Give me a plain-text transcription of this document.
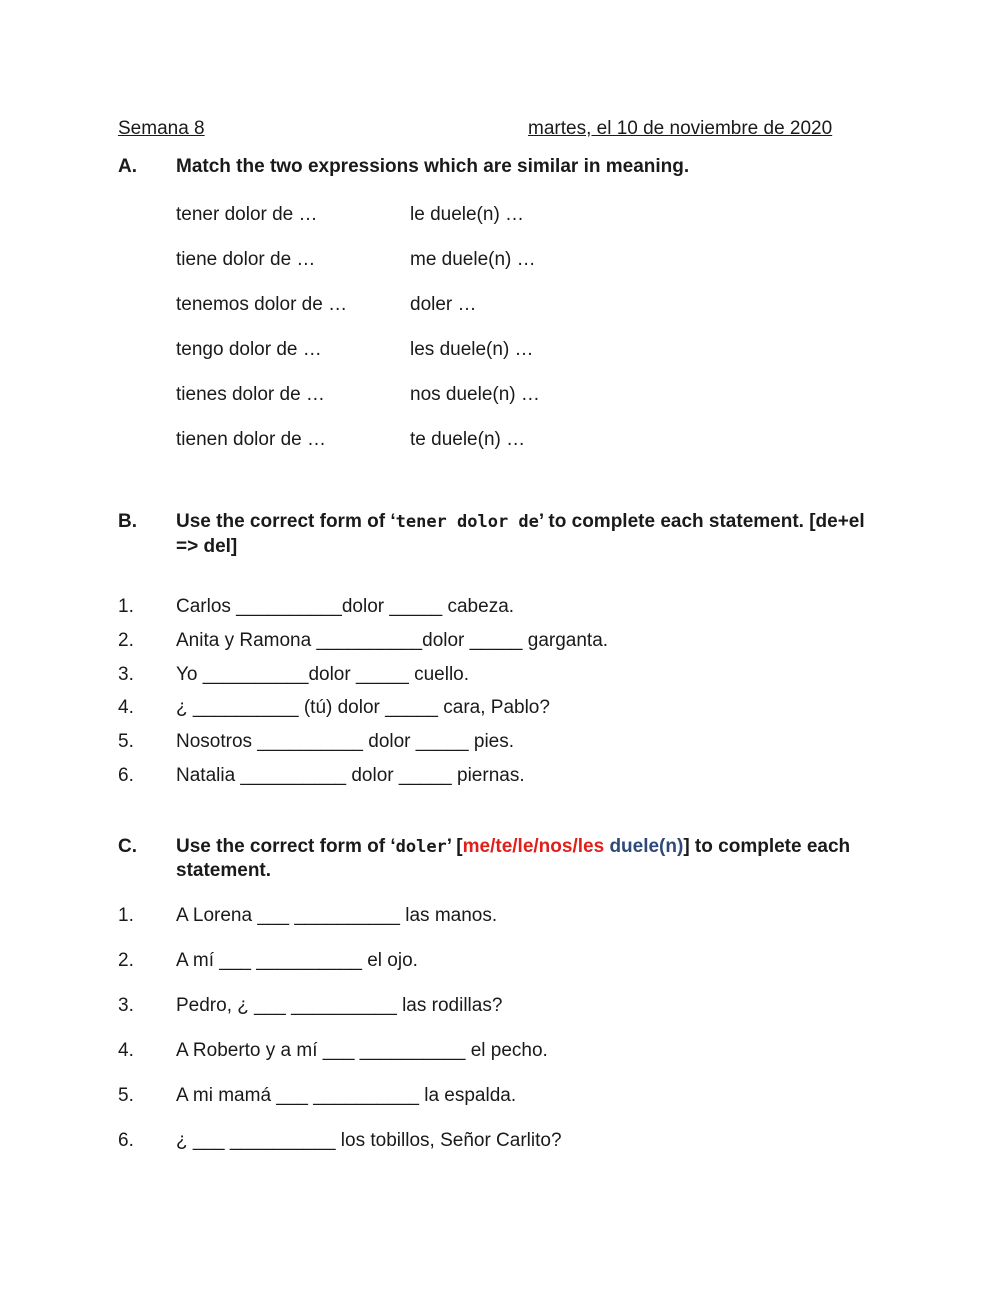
Semana 8	martes, el 10 de noviembre de 2020
A. Match the two expressions which are similar in meaning.
tener dolor de …
tiene dolor de …
tenemos dolor de …
tengo dolor de …
tienes dolor de …
tienen dolor de …
le duele(n) …
me duele(n) …
doler …
les duele(n) …
nos duele(n) …
te duele(n) …
B. Use the correct form of ‘tener dolor de’ to complete each statement. [de+el
=> del]
1. Carlos __________dolor _____ cabeza.
2. Anita y Ramona __________dolor _____ garganta.
3. Yo __________dolor _____ cuello.
4. ¿ __________ (tú) dolor _____ cara, Pablo?
5. Nosotros __________ dolor _____ pies.
6. Natalia __________ dolor _____ piernas.
C. Use the correct form of ‘doler’ [me/te/le/nos/les duele(n)] to complete each
statement.
1. A Lorena ___ __________ las manos.
2. A mí ___ __________ el ojo.
3. Pedro, ¿ ___ __________ las rodillas?
4. A Roberto y a mí ___ __________ el pecho.
5. A mi mamá ___ __________ la espalda.
6. ¿ ___ __________ los tobillos, Señor Carlito?
